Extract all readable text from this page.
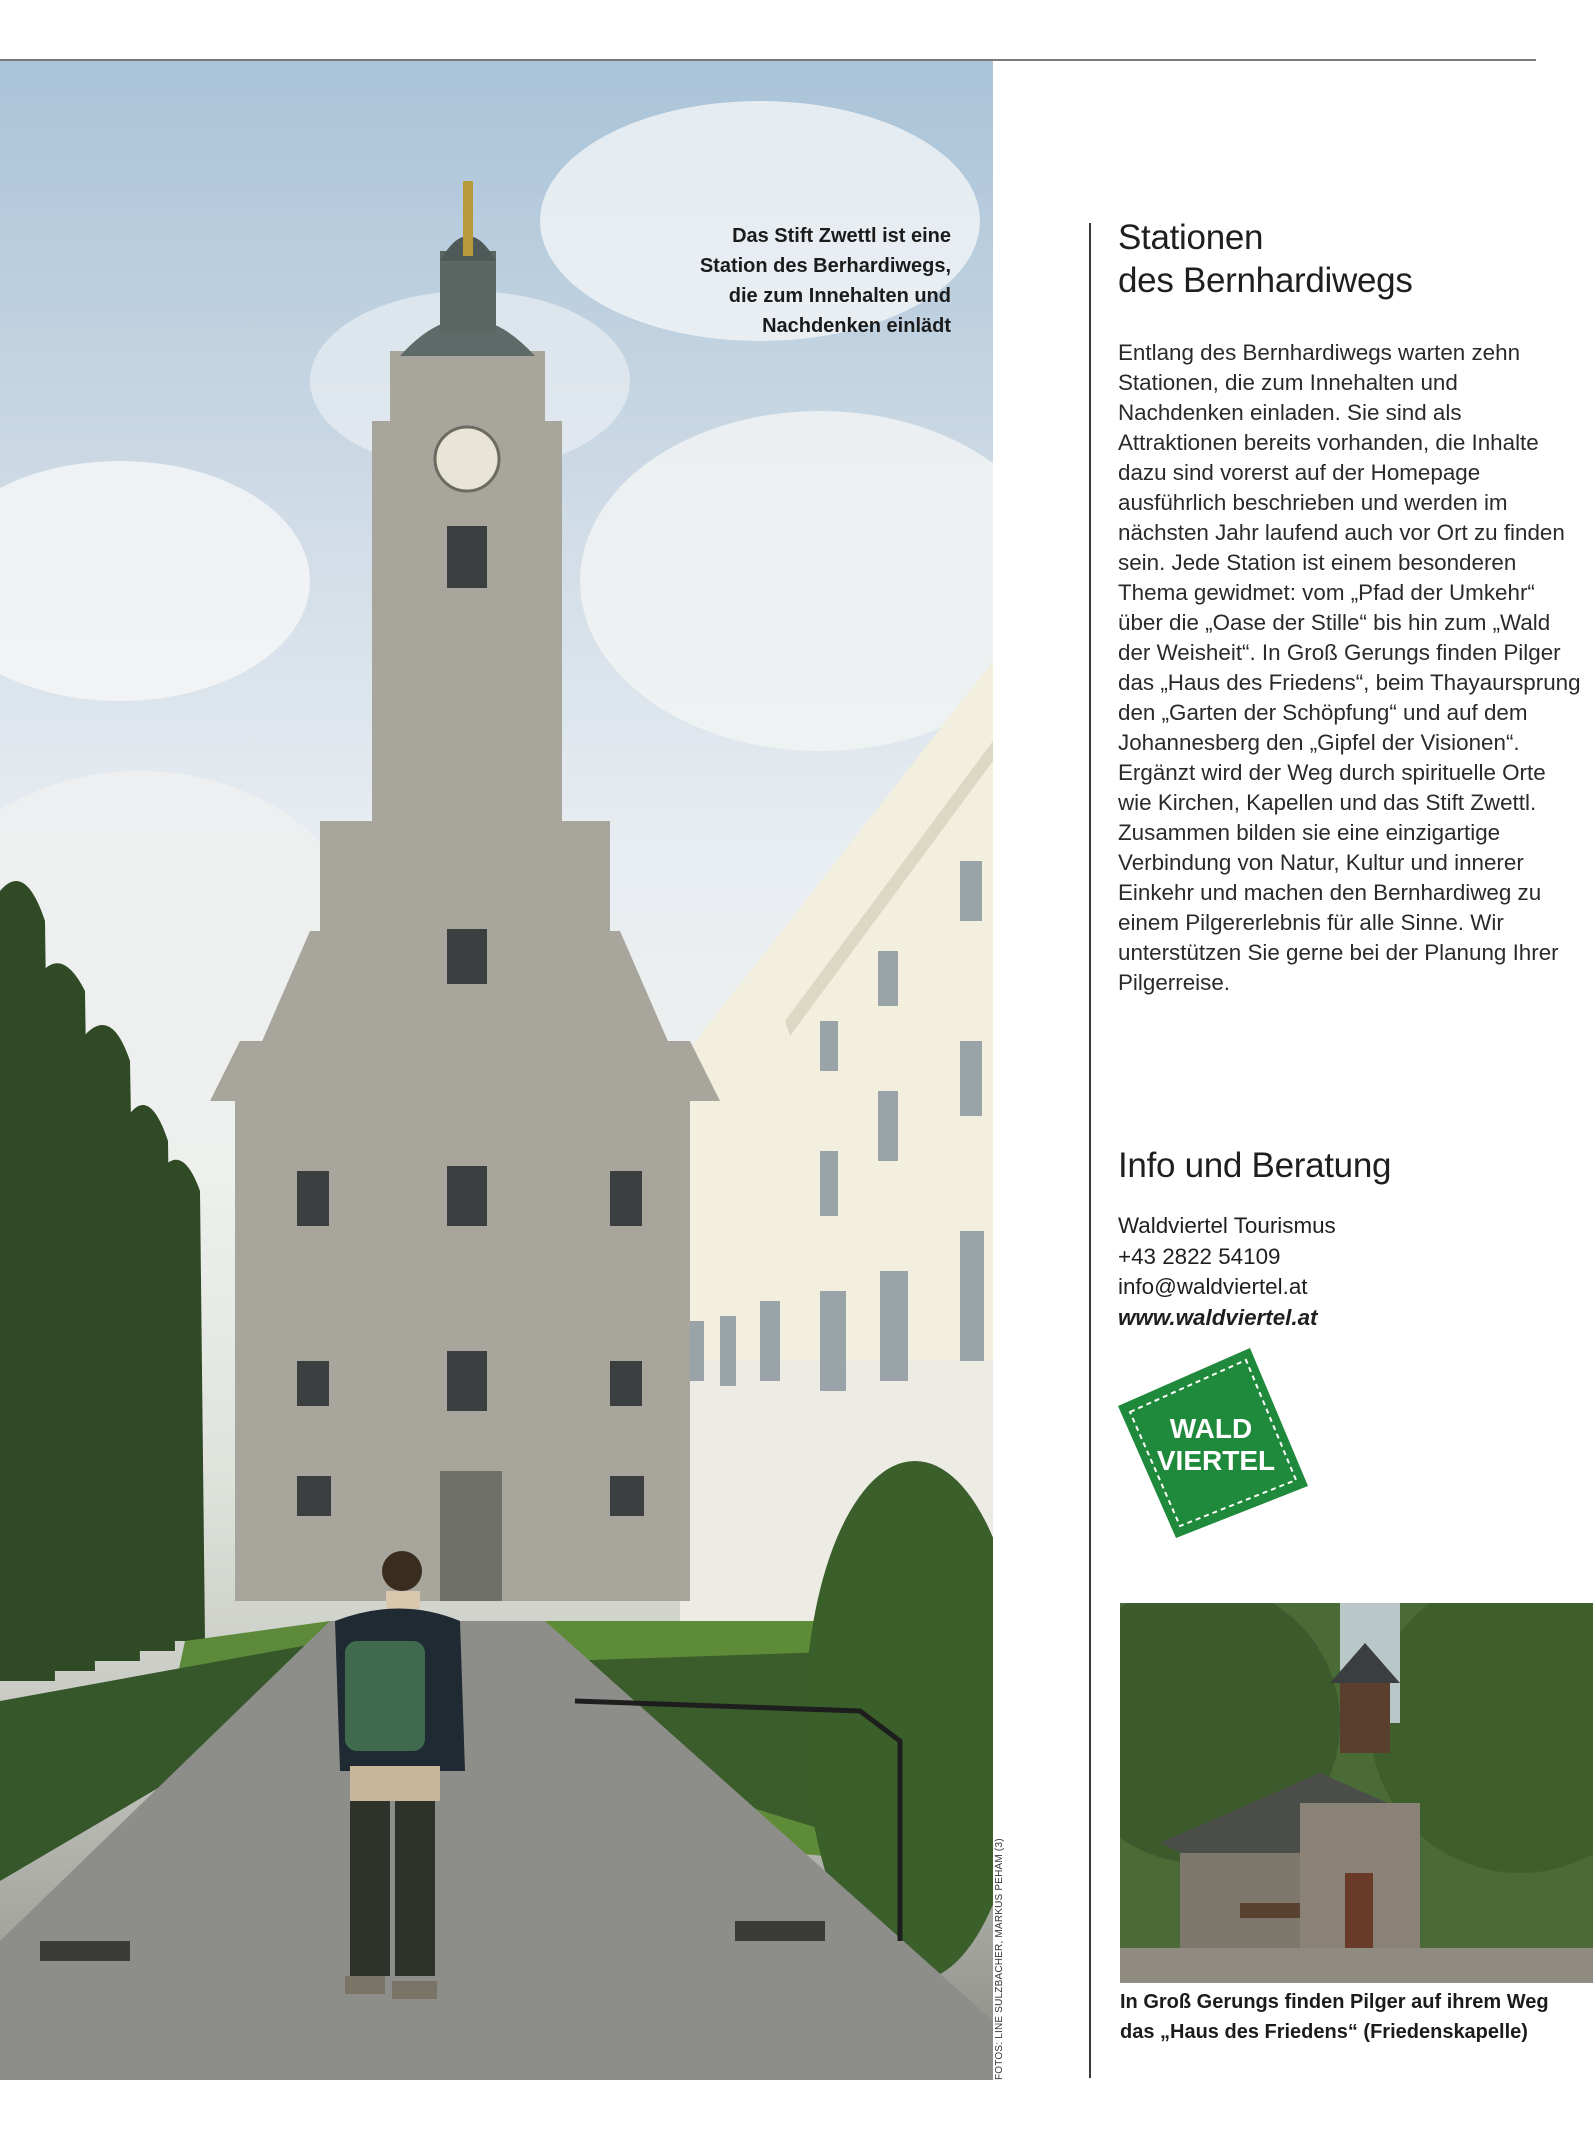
Das Stift Zwettl ist eine Station des Berhardiwegs, die zum Innehalten und Nachdenken einlädt
FOTOS: LINE SULZBACHER, MARKUS PEHAM (3)
Stationen
des Bernhardiwegs

Entlang des Bernhardiwegs warten zehn Stationen, die zum Innehalten und Nachdenken einladen. Sie sind als Attraktionen bereits vorhanden, die Inhalte dazu sind vorerst auf der Homepage ausführlich beschrieben und werden im nächsten Jahr laufend auch vor Ort zu finden sein. Jede Station ist einem besonderen Thema gewidmet: vom „Pfad der Umkehr“ über die „Oase der Stille“ bis hin zum „Wald der Weisheit“. In Groß Gerungs finden Pilger das „Haus des Friedens“, beim Thayaursprung den „Garten der Schöpfung“ und auf dem Johannesberg den „Gipfel der Visionen“. Ergänzt wird der Weg durch spirituelle Orte wie Kirchen, Kapellen und das Stift Zwettl. Zusammen bilden sie eine einzigartige Verbindung von Natur, Kultur und innerer Einkehr und machen den Bernhardiweg zu einem Pilgererlebnis für alle Sinne. Wir unterstützen Sie gerne bei der Planung Ihrer Pilgerreise.

Info und Beratung

Waldviertel Tourismus

+43 2822 54109

info@waldviertel.at

www.waldviertel.at

WALD
VIERTEL
In Groß Gerungs finden Pilger auf ihrem Weg das „Haus des Friedens“ (Friedenskapelle)
